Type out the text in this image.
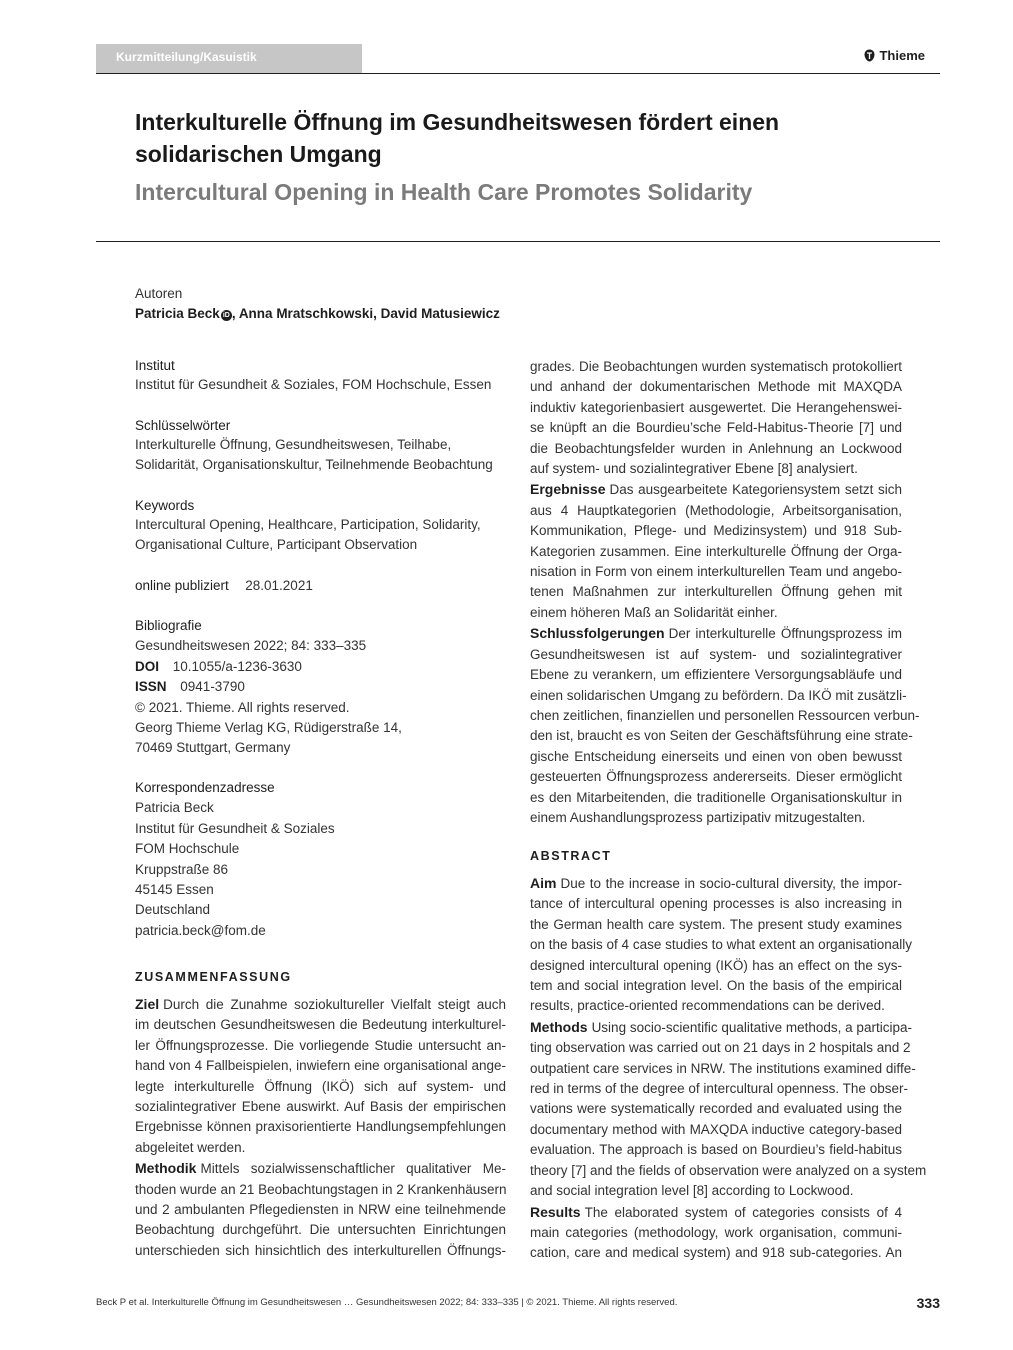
Kurzmitteilung/Kasuistik	Thieme
Interkulturelle Öffnung im Gesundheitswesen fördert einen
solidarischen Umgang
Intercultural Opening in Health Care Promotes Solidarity
Autoren
Patricia Beck iD , Anna Mratschkowski, David Matusiewicz
Institut
Institut für Gesundheit & Soziales, FOM Hochschule, Essen
Schlüsselwörter
Interkulturelle Öffnung, Gesundheitswesen, Teilhabe,
Solidarität, Organisationskultur, Teilnehmende Beobachtung
Keywords
Intercultural Opening, Healthcare, Participation, Solidarity,
Organisational Culture, Participant Observation
online publiziert 28.01.2021
Bibliografie
Gesundheitswesen 2022; 84: 333–335
DOI 10.1055/a-1236-3630
ISSN 0941-3790
© 2021. Thieme. All rights reserved.
Georg Thieme Verlag KG, Rüdigerstraße 14,
70469 Stuttgart, Germany
Korrespondenzadresse
Patricia Beck
Institut für Gesundheit & Soziales
FOM Hochschule
Kruppstraße 86
45145 Essen
Deutschland
patricia.beck@fom.de
ZUSAMMENFASSUNG
Ziel Durch die Zunahme soziokultureller Vielfalt steigt auch
im deutschen Gesundheitswesen die Bedeutung interkulturel-
ler Öffnungsprozesse. Die vorliegende Studie untersucht an-
hand von 4 Fallbeispielen, inwiefern eine organisational ange-
legte interkulturelle Öffnung (IKÖ) sich auf system- und
sozialintegrativer Ebene auswirkt. Auf Basis der empirischen
Ergebnisse können praxisorientierte Handlungsempfehlungen
abgeleitet werden.
Methodik Mittels sozialwissenschaftlicher qualitativer Me-
thoden wurde an 21 Beobachtungstagen in 2 Krankenhäusern
und 2 ambulanten Pflegediensten in NRW eine teilnehmende
Beobachtung durchgeführt. Die untersuchten Einrichtungen
unterschieden sich hinsichtlich des interkulturellen Öffnungs-
grades. Die Beobachtungen wurden systematisch protokolliert
und anhand der dokumentarischen Methode mit MAXQDA
induktiv kategorienbasiert ausgewertet. Die Herangehenswei-
se knüpft an die Bourdieu’sche Feld-Habitus-Theorie [7] und
die Beobachtungsfelder wurden in Anlehnung an Lockwood
auf system- und sozialintegrativer Ebene [8] analysiert.
Ergebnisse Das ausgearbeitete Kategoriensystem setzt sich
aus 4 Hauptkategorien (Methodologie, Arbeitsorganisation,
Kommunikation, Pflege- und Medizinsystem) und 918 Sub-
Kategorien zusammen. Eine interkulturelle Öffnung der Orga-
nisation in Form von einem interkulturellen Team und angebo-
tenen Maßnahmen zur interkulturellen Öffnung gehen mit
einem höheren Maß an Solidarität einher.
Schlussfolgerungen Der interkulturelle Öffnungsprozess im
Gesundheitswesen ist auf system- und sozialintegrativer
Ebene zu verankern, um effizientere Versorgungsabläufe und
einen solidarischen Umgang zu befördern. Da IKÖ mit zusätzli-
chen zeitlichen, finanziellen und personellen Ressourcen verbun-
den ist, braucht es von Seiten der Geschäftsführung eine strate-
gische Entscheidung einerseits und einen von oben bewusst
gesteuerten Öffnungsprozess andererseits. Dieser ermöglicht
es den Mitarbeitenden, die traditionelle Organisationskultur in
einem Aushandlungsprozess partizipativ mitzugestalten.
ABSTRACT
Aim Due to the increase in socio-cultural diversity, the impor-
tance of intercultural opening processes is also increasing in
the German health care system. The present study examines
on the basis of 4 case studies to what extent an organisationally
designed intercultural opening (IKÖ) has an effect on the sys-
tem and social integration level. On the basis of the empirical
results, practice-oriented recommendations can be derived.
Methods Using socio-scientific qualitative methods, a participa-
ting observation was carried out on 21 days in 2 hospitals and 2
outpatient care services in NRW. The institutions examined diffe-
red in terms of the degree of intercultural openness. The obser-
vations were systematically recorded and evaluated using the
documentary method with MAXQDA inductive category-based
evaluation. The approach is based on Bourdieu’s field-habitus
theory [7] and the fields of observation were analyzed on a system
and social integration level [8] according to Lockwood.
Results The elaborated system of categories consists of 4
main categories (methodology, work organisation, communi-
cation, care and medical system) and 918 sub-categories. An
Beck P et al. Interkulturelle Öffnung im Gesundheitswesen … Gesundheitswesen 2022; 84: 333–335 | © 2021. Thieme. All rights reserved.	333
